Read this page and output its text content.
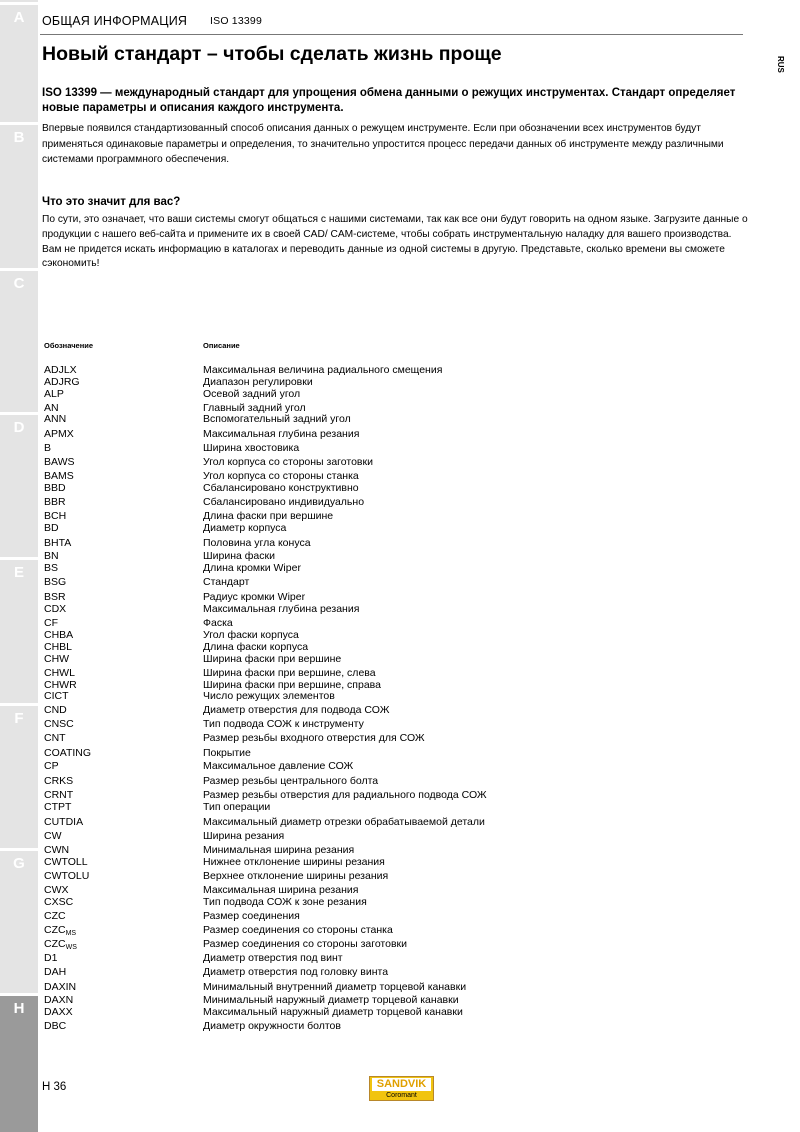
A
B
C
D
E
F
G
H
ОБЩАЯ ИНФОРМАЦИЯ ISO 13399
RUS
Новый стандарт – чтобы сделать жизнь проще

ISO 13399 — международный стандарт для упрощения обмена данными о режущих инструментах. Стандарт определяет новые параметры и описания каждого инструмента.

Впервые появился стандартизованный способ описания данных о режущем инструменте. Если при обозначении всех инструментов будут применяться одинаковые параметры и определения, то значительно упростится процесс передачи данных об инструменте между различными системами программного обеспечения.

Что это значит для вас?

По сути, это означает, что ваши системы смогут общаться с нашими системами, так как все они будут говорить на одном языке. Загрузите данные о продукции с нашего веб-сайта и примените их в своей CAD/ CAM-системе, чтобы собрать инструментальную наладку для вашего производства. Вам не придется искать информацию в каталогах и переводить данные из одной системы в другую. Представьте, сколько времени вы сможете сэкономить!

Обозначение	Описание
ADJLX	Максимальная величина радиального смещения
ADJRG	Диапазон регулировки
ALP	Осевой задний угол
AN	Главный задний угол
ANN	Вспомогательный задний угол
APMX	Максимальная глубина резания
B	Ширина хвостовика
BAWS	Угол корпуса со стороны заготовки
BAMS	Угол корпуса со стороны станка
BBD	Сбалансировано конструктивно
BBR	Сбалансировано индивидуально
BCH	Длина фаски при вершине
BD	Диаметр корпуса
BHTA	Половина угла конуса
BN	Ширина фаски
BS	Длина кромки Wiper
BSG	Стандарт
BSR	Радиус кромки Wiper
CDX	Максимальная глубина резания
CF	Фаска
CHBA	Угол фаски корпуса
CHBL	Длина фаски корпуса
CHW	Ширина фаски при вершине
CHWL	Ширина фаски при вершине, слева
CHWR	Ширина фаски при вершине, справа
CICT	Число режущих элементов
CND	Диаметр отверстия для подвода СОЖ
CNSC	Тип подвода СОЖ к инструменту
CNT	Размер резьбы входного отверстия для СОЖ
COATING	Покрытие
CP	Максимальное давление СОЖ
CRKS	Размер резьбы центрального болта
CRNT	Размер резьбы отверстия для радиального подвода СОЖ
CTPT	Тип операции
CUTDIA	Максимальный диаметр отрезки обрабатываемой детали
CW	Ширина резания
CWN	Минимальная ширина резания
CWTOLL	Нижнее отклонение ширины резания
CWTOLU	Верхнее отклонение ширины резания
CWX	Максимальная ширина резания
CXSC	Тип подвода СОЖ к зоне резания
CZC	Размер соединения
$CZC_{MS}$	Размер соединения со стороны станка
$CZC_{WS}$	Размер соединения со стороны заготовки
D1	Диаметр отверстия под винт
DAH	Диаметр отверстия под головку винта
DAXIN	Минимальный внутренний диаметр торцевой канавки
DAXN	Минимальный наружный диаметр торцевой канавки
DAXX	Максимальный наружный диаметр торцевой канавки
DBC	Диаметр окружности болтов
H 36	SANDVIK
Coromant
